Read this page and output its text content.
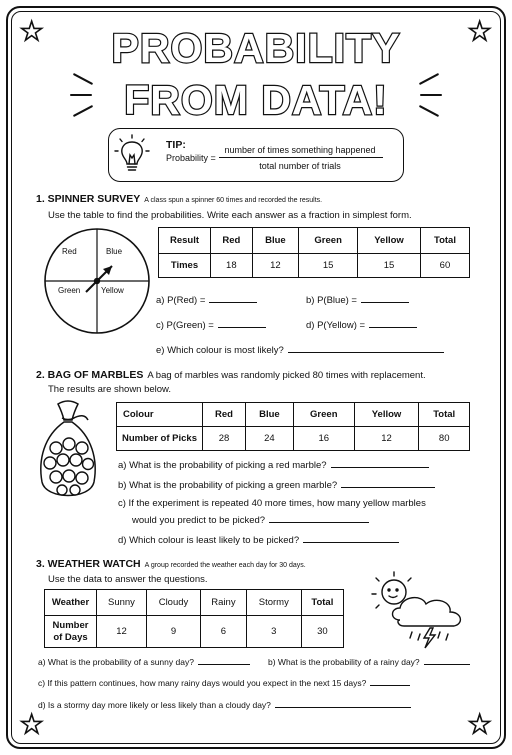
★	★
★	★
PROBABILITY
FROM DATA!
TIP:
Probability =
number of times something happened
total number of trials
1. SPINNER SURVEY A class spun a spinner 60 times and recorded the results.
Use the table to find the probabilities. Write each answer as a fraction in simplest form.
Red	Blue
Green	Yellow
Result	Red	Blue	Green	Yellow	Total
Times	18	12	15	15	60
a) P(Red) =	b) P(Blue) =
c) P(Green) =	d) P(Yellow) =
e) Which colour is most likely?
2. BAG OF MARBLES A bag of marbles was randomly picked 80 times with replacement.
The results are shown below.
Colour	Red	Blue	Green	Yellow	Total
Number of Picks	28	24	16	12	80
a) What is the probability of picking a red marble?
b) What is the probability of picking a green marble?
c) If the experiment is repeated 40 more times, how many yellow marbles
would you predict to be picked?
d) Which colour is least likely to be picked?
3. WEATHER WATCH A group recorded the weather each day for 30 days.
Use the data to answer the questions.
Weather	Sunny	Cloudy	Rainy	Stormy	Total
Number
of Days	12	9	6	3	30
a) What is the probability of a sunny day?	b) What is the probability of a rainy day?
c) If this pattern continues, how many rainy days would you expect in the next 15 days?
d) Is a stormy day more likely or less likely than a cloudy day?
